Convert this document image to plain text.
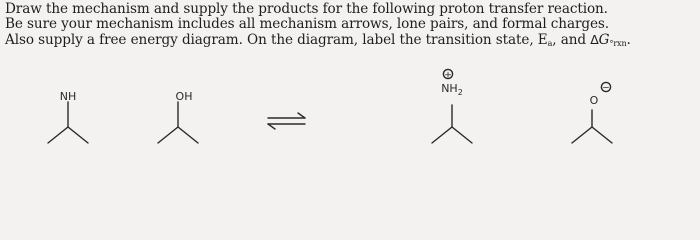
Draw the mechanism and supply the products for the following proton transfer reaction.
Be sure your mechanism includes all mechanism arrows, lone pairs, and formal charges.
Also supply a free energy diagram. On the diagram, label the transition state, $E_a$, and $\Delta G_{^\circ rxn}$.
NH	OH
$NH_2$
+
O
−
